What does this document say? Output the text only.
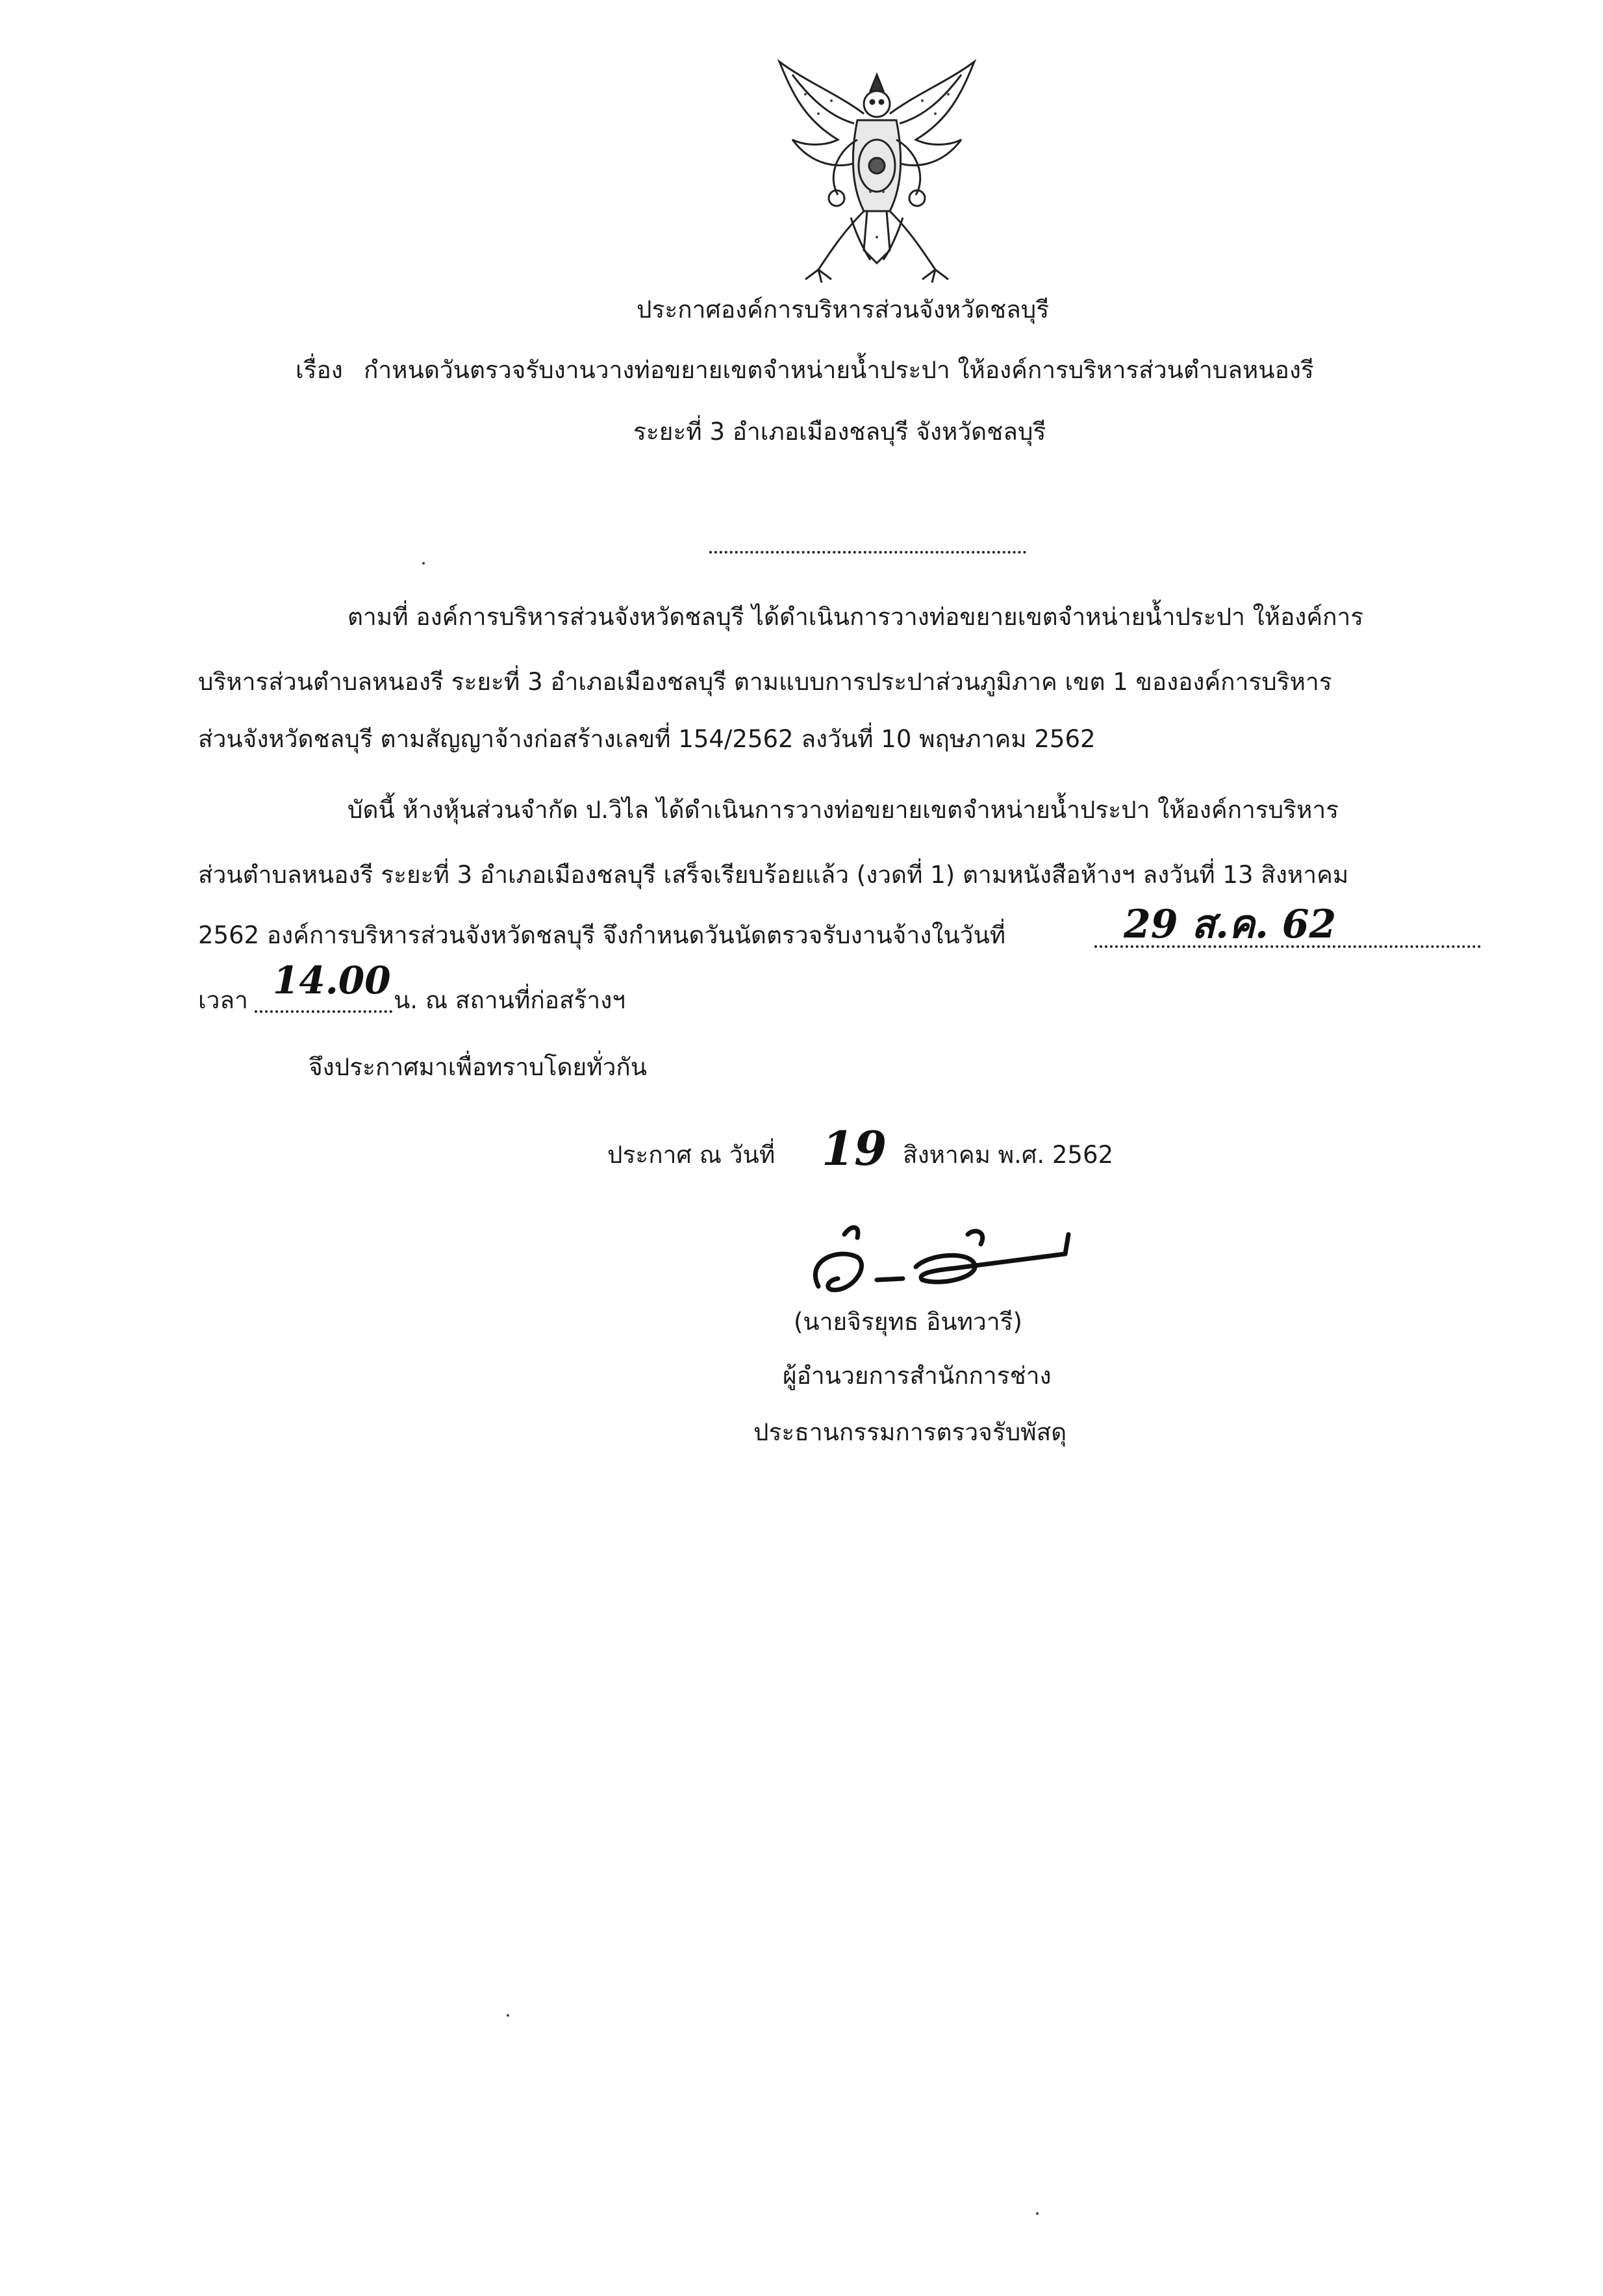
ประกาศองค์การบริหารส่วนจังหวัดชลบุรี
เรื่อง กำหนดวันตรวจรับงานวางท่อขยายเขตจำหน่ายน้ำประปา ให้องค์การบริหารส่วนตำบลหนองรี
ระยะที่ 3 อำเภอเมืองชลบุรี จังหวัดชลบุรี
ตามที่ องค์การบริหารส่วนจังหวัดชลบุรี ได้ดำเนินการวางท่อขยายเขตจำหน่ายน้ำประปา ให้องค์การ
บริหารส่วนตำบลหนองรี ระยะที่ 3 อำเภอเมืองชลบุรี ตามแบบการประปาส่วนภูมิภาค เขต 1 ขององค์การบริหาร
ส่วนจังหวัดชลบุรี ตามสัญญาจ้างก่อสร้างเลขที่ 154/2562 ลงวันที่ 10 พฤษภาคม 2562
บัดนี้ ห้างหุ้นส่วนจำกัด ป.วิไล ได้ดำเนินการวางท่อขยายเขตจำหน่ายน้ำประปา ให้องค์การบริหาร
ส่วนตำบลหนองรี ระยะที่ 3 อำเภอเมืองชลบุรี เสร็จเรียบร้อยแล้ว (งวดที่ 1) ตามหนังสือห้างฯ ลงวันที่ 13 สิงหาคม
2562 องค์การบริหารส่วนจังหวัดชลบุรี จึงกำหนดวันนัดตรวจรับงานจ้างในวันที่	29 ส.ค. 62
เวลา 14.00 น. ณ สถานที่ก่อสร้างฯ
จึงประกาศมาเพื่อทราบโดยทั่วกัน
ประกาศ ณ วันที่ 19 สิงหาคม พ.ศ. 2562
(นายจิรยุทธ อินทวารี)
ผู้อำนวยการสำนักการช่าง
ประธานกรรมการตรวจรับพัสดุ
